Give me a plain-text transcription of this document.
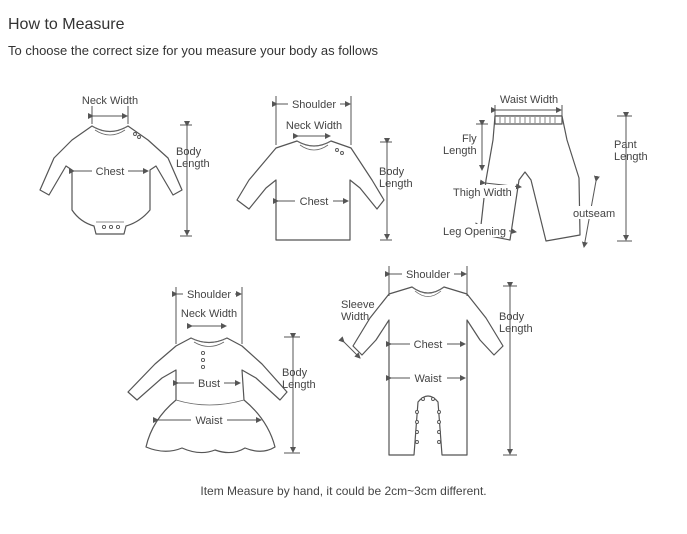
How to Measure
To choose the correct size for you measure your body as follows
Neck Width
Chest
Body
Length
Shoulder
Neck Width
Chest
Body
Length
Waist Width
Fly
Length	Pant
Length
Thigh Width
Leg Opening
outseam
Shoulder
Neck Width
Bust
Waist
Body
Length
Shoulder
Sleeve
Width
Chest
Waist
Body
Length
Item Measure by hand, it could be 2cm~3cm different.
